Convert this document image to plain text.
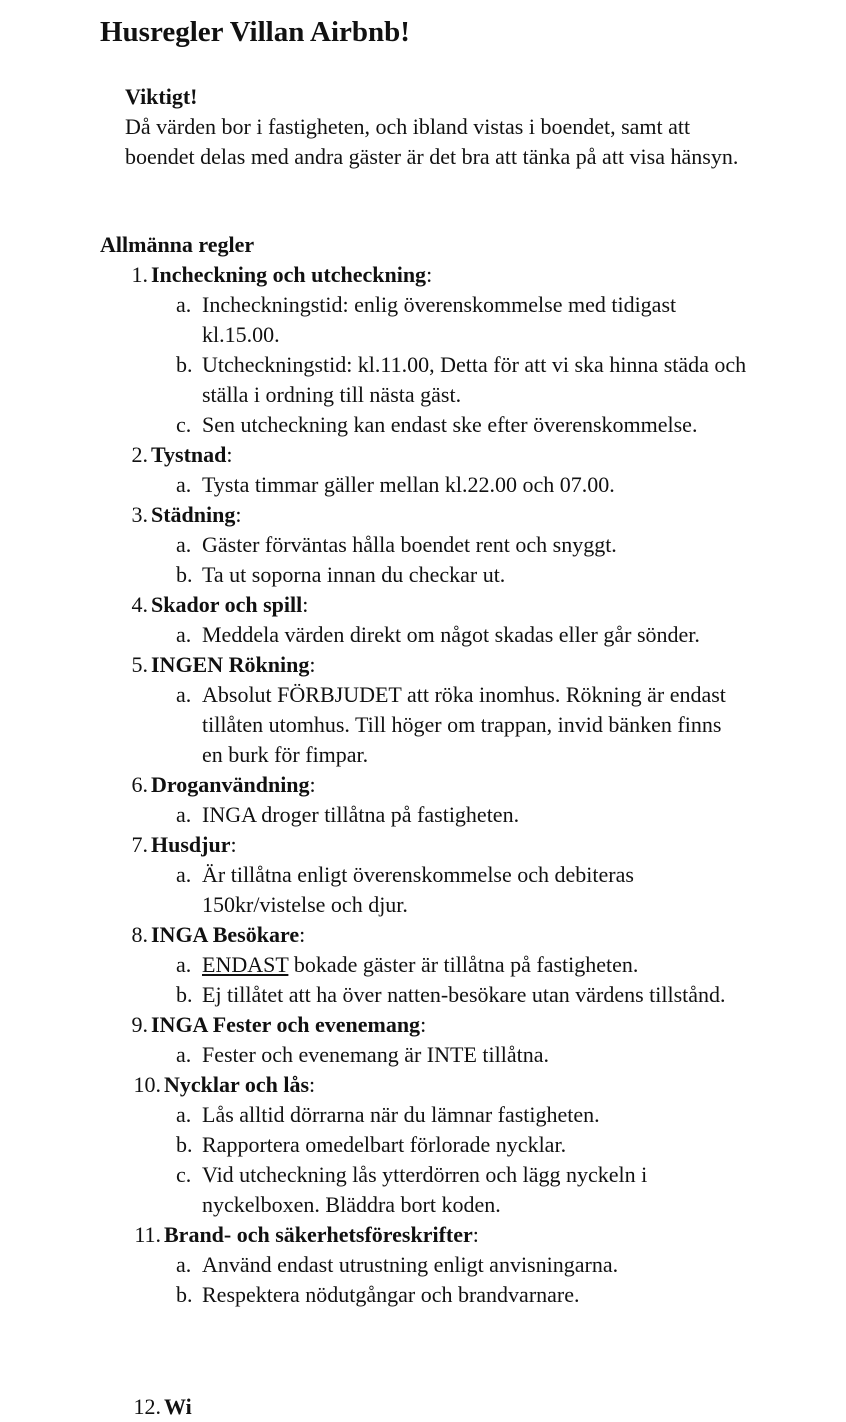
Husregler Villan Airbnb!
Viktigt!
Då värden bor i fastigheten, och ibland vistas i boendet, samt att boendet delas med andra gäster är det bra att tänka på att visa hänsyn.
Allmänna regler
1. Incheckning och utcheckning:
a. Incheckningstid: enlig överenskommelse med tidigast kl.15.00.
b. Utcheckningstid: kl.11.00, Detta för att vi ska hinna städa och ställa i ordning till nästa gäst.
c. Sen utcheckning kan endast ske efter överenskommelse.
2. Tystnad:
a. Tysta timmar gäller mellan kl.22.00 och 07.00.
3. Städning:
a. Gäster förväntas hålla boendet rent och snyggt.
b. Ta ut soporna innan du checkar ut.
4. Skador och spill:
a. Meddela värden direkt om något skadas eller går sönder.
5. INGEN Rökning:
a. Absolut FÖRBJUDET att röka inomhus. Rökning är endast tillåten utomhus. Till höger om trappan, invid bänken finns en burk för fimpar.
6. Droganvändning:
a. INGA droger tillåtna på fastigheten.
7. Husdjur:
a. Är tillåtna enligt överenskommelse och debiteras 150kr/vistelse och djur.
8. INGA Besökare:
a. ENDAST bokade gäster är tillåtna på fastigheten.
b. Ej tillåtet att ha över natten-besökare utan värdens tillstånd.
9. INGA Fester och evenemang:
a. Fester och evenemang är INTE tillåtna.
10. Nycklar och lås:
a. Lås alltid dörrarna när du lämnar fastigheten.
b. Rapportera omedelbart förlorade nycklar.
c. Vid utcheckning lås ytterdörren och lägg nyckeln i nyckelboxen. Bläddra bort koden.
11. Brand- och säkerhetsföreskrifter:
a. Använd endast utrustning enligt anvisningarna.
b. Respektera nödutgångar och brandvarnare.
12. Wi
